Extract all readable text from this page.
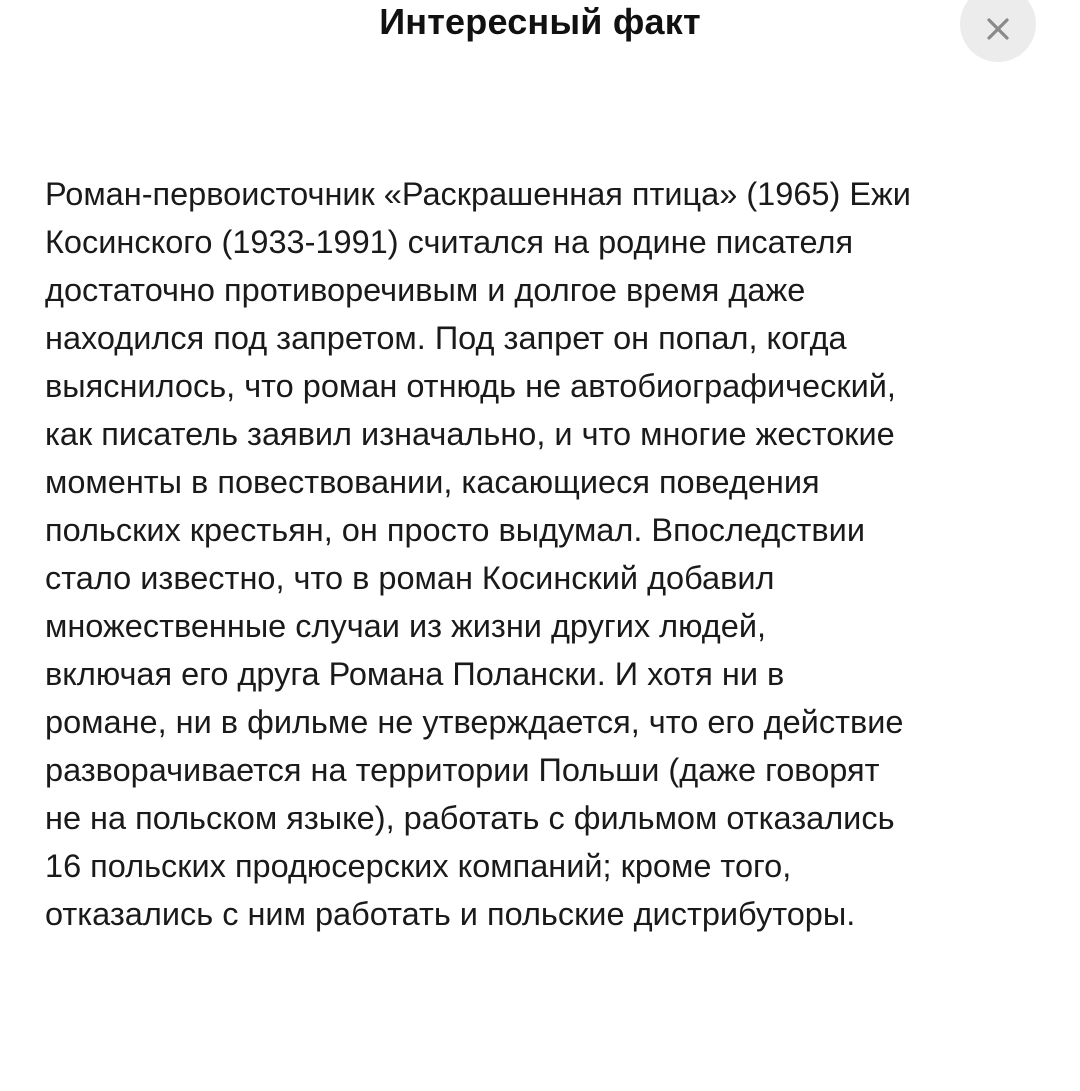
Интересный факт
Роман-первоисточник «Раскрашенная птица» (1965) Ежи
Косинского (1933-1991) считался на родине писателя
достаточно противоречивым и долгое время даже
находился под запретом. Под запрет он попал, когда
выяснилось, что роман отнюдь не автобиографический,
как писатель заявил изначально, и что многие жестокие
моменты в повествовании, касающиеся поведения
польских крестьян, он просто выдумал. Впоследствии
стало известно, что в роман Косинский добавил
множественные случаи из жизни других людей,
включая его друга Романа Полански. И хотя ни в
романе, ни в фильме не утверждается, что его действие
разворачивается на территории Польши (даже говорят
не на польском языке), работать с фильмом отказались
16 польских продюсерских компаний; кроме того,
отказались с ним работать и польские дистрибуторы.
